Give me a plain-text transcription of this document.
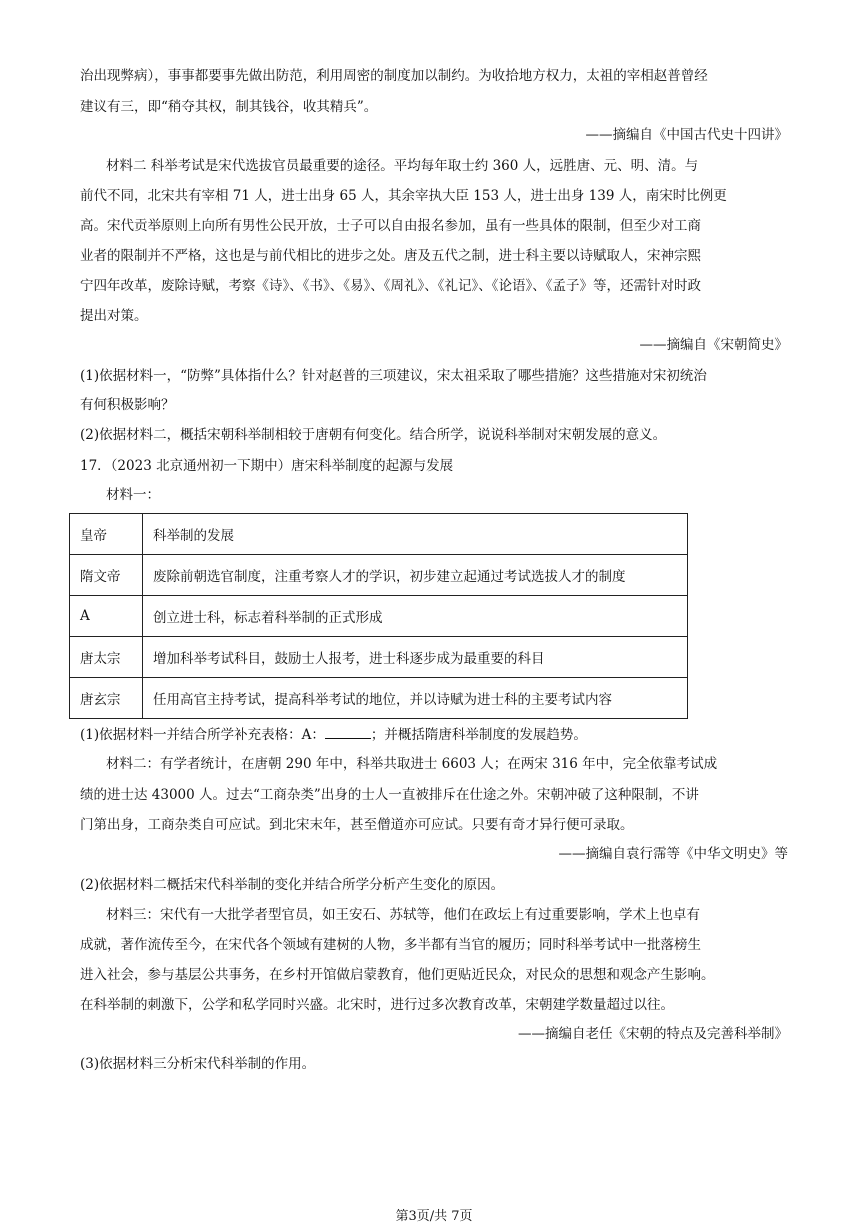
治出现弊病），事事都要事先做出防范，利用周密的制度加以制约。为收拾地方权力，太祖的宰相赵普曾经
建议有三，即“稍夺其权，制其钱谷，收其精兵”。
——摘编自《中国古代史十四讲》
材料二 科举考试是宋代选拔官员最重要的途径。平均每年取士约 360 人，远胜唐、元、明、清。与
前代不同，北宋共有宰相 71 人，进士出身 65 人，其余宰执大臣 153 人，进士出身 139 人，南宋时比例更
高。宋代贡举原则上向所有男性公民开放，士子可以自由报名参加，虽有一些具体的限制，但至少对工商
业者的限制并不严格，这也是与前代相比的进步之处。唐及五代之制，进士科主要以诗赋取人，宋神宗熙
宁四年改革，废除诗赋，考察《诗》、《书》、《易》、《周礼》、《礼记》、《论语》、《孟子》等，还需针对时政
提出对策。
——摘编自《宋朝简史》
(1)依据材料一，“防弊”具体指什么？针对赵普的三项建议，宋太祖采取了哪些措施？这些措施对宋初统治
有何积极影响？
(2)依据材料二，概括宋朝科举制相较于唐朝有何变化。结合所学，说说科举制对宋朝发展的意义。
17．（2023 北京通州初一下期中）唐宋科举制度的起源与发展
材料一：
皇帝	科举制的发展
隋文帝	废除前朝选官制度，注重考察人才的学识，初步建立起通过考试选拔人才的制度
A	创立进士科，标志着科举制的正式形成
唐太宗	增加科举考试科目，鼓励士人报考，进士科逐步成为最重要的科目
唐玄宗	任用高官主持考试，提高科举考试的地位，并以诗赋为进士科的主要考试内容
(1)依据材料一并结合所学补充表格：A：	；并概括隋唐科举制度的发展趋势。
材料二：有学者统计，在唐朝 290 年中，科举共取进士 6603 人；在两宋 316 年中，完全依靠考试成
绩的进士达 43000 人。过去“工商杂类”出身的士人一直被排斥在仕途之外。宋朝冲破了这种限制，不讲
门第出身，工商杂类自可应试。到北宋末年，甚至僧道亦可应试。只要有奇才异行便可录取。
——摘编自袁行霈等《中华文明史》等
(2)依据材料二概括宋代科举制的变化并结合所学分析产生变化的原因。
材料三：宋代有一大批学者型官员，如王安石、苏轼等，他们在政坛上有过重要影响，学术上也卓有
成就，著作流传至今，在宋代各个领域有建树的人物，多半都有当官的履历；同时科举考试中一批落榜生
进入社会，参与基层公共事务，在乡村开馆做启蒙教育，他们更贴近民众，对民众的思想和观念产生影响。
在科举制的刺激下，公学和私学同时兴盛。北宋时，进行过多次教育改革，宋朝建学数量超过以往。
——摘编自老任《宋朝的特点及完善科举制》
(3)依据材料三分析宋代科举制的作用。
第3页/共 7页
